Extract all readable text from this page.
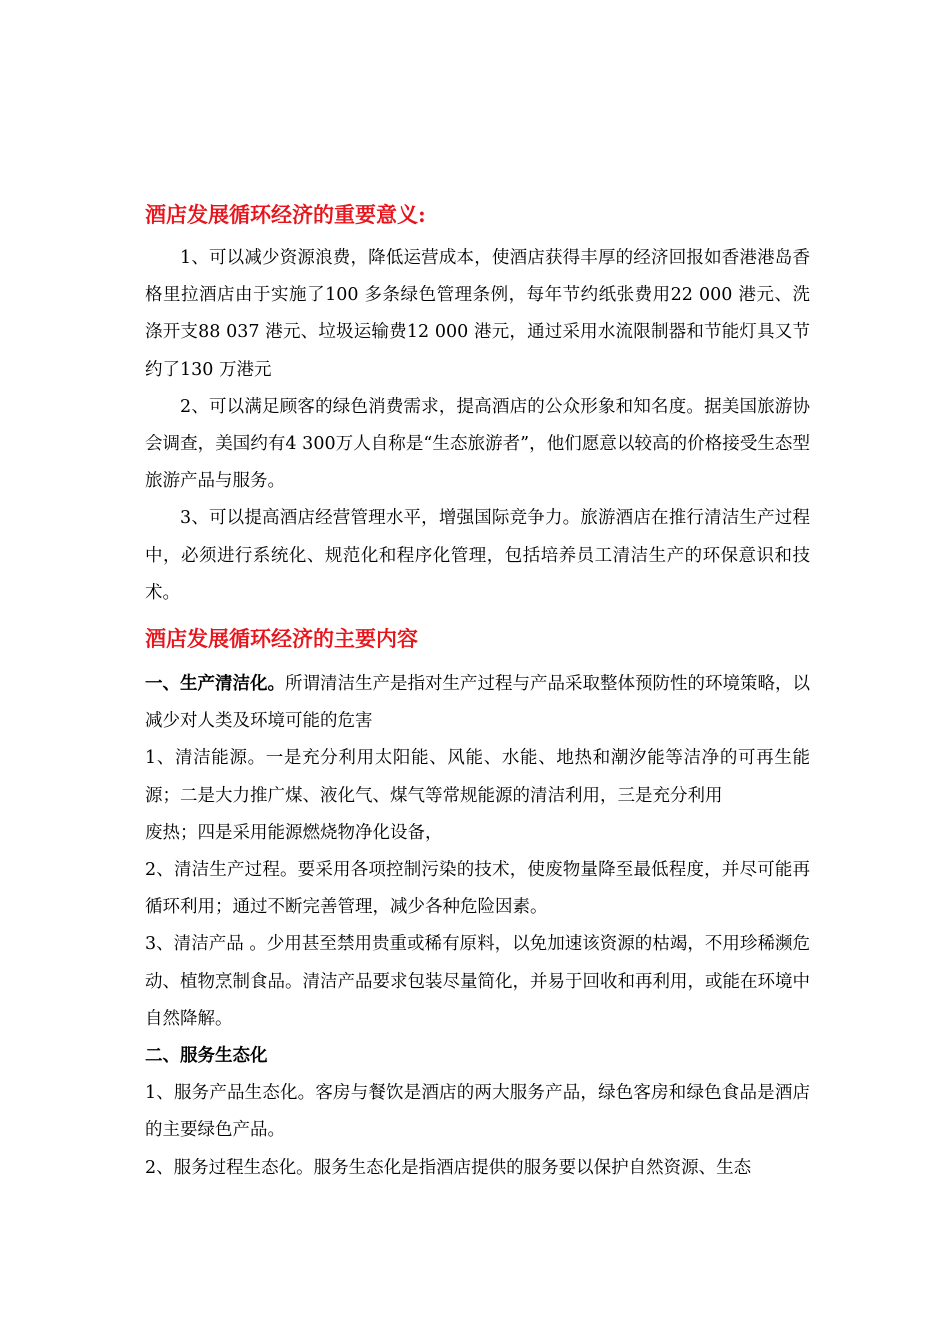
酒店发展循环经济的重要意义:

1、可以减少资源浪费，降低运营成本，使酒店获得丰厚的经济回报如香港港岛香格里拉酒店由于实施了100 多条绿色管理条例，每年节约纸张费用22 000 港元、洗涤开支88 037 港元、垃圾运输费12 000 港元，通过采用水流限制器和节能灯具又节约了130 万港元

2、可以满足顾客的绿色消费需求，提高酒店的公众形象和知名度。据美国旅游协会调查，美国约有4 300万人自称是“生态旅游者”，他们愿意以较高的价格接受生态型旅游产品与服务。

3、可以提高酒店经营管理水平，增强国际竞争力。旅游酒店在推行清洁生产过程中，必须进行系统化、规范化和程序化管理，包括培养员工清洁生产的环保意识和技术。

酒店发展循环经济的主要内容

一、生产清洁化。所谓清洁生产是指对生产过程与产品采取整体预防性的环境策略，以减少对人类及环境可能的危害

1、清洁能源。一是充分利用太阳能、风能、水能、地热和潮汐能等洁净的可再生能源；二是大力推广煤、液化气、煤气等常规能源的清洁利用，三是充分利用

废热；四是采用能源燃烧物净化设备，

2、清洁生产过程。要采用各项控制污染的技术，使废物量降至最低程度，并尽可能再循环利用；通过不断完善管理，减少各种危险因素。

3、清洁产品 。少用甚至禁用贵重或稀有原料，以免加速该资源的枯竭，不用珍稀濒危动、植物烹制食品。清洁产品要求包装尽量简化，并易于回收和再利用，或能在环境中自然降解。

二、服务生态化

1、服务产品生态化。客房与餐饮是酒店的两大服务产品，绿色客房和绿色食品是酒店的主要绿色产品。

2、服务过程生态化。服务生态化是指酒店提供的服务要以保护自然资源、生态
